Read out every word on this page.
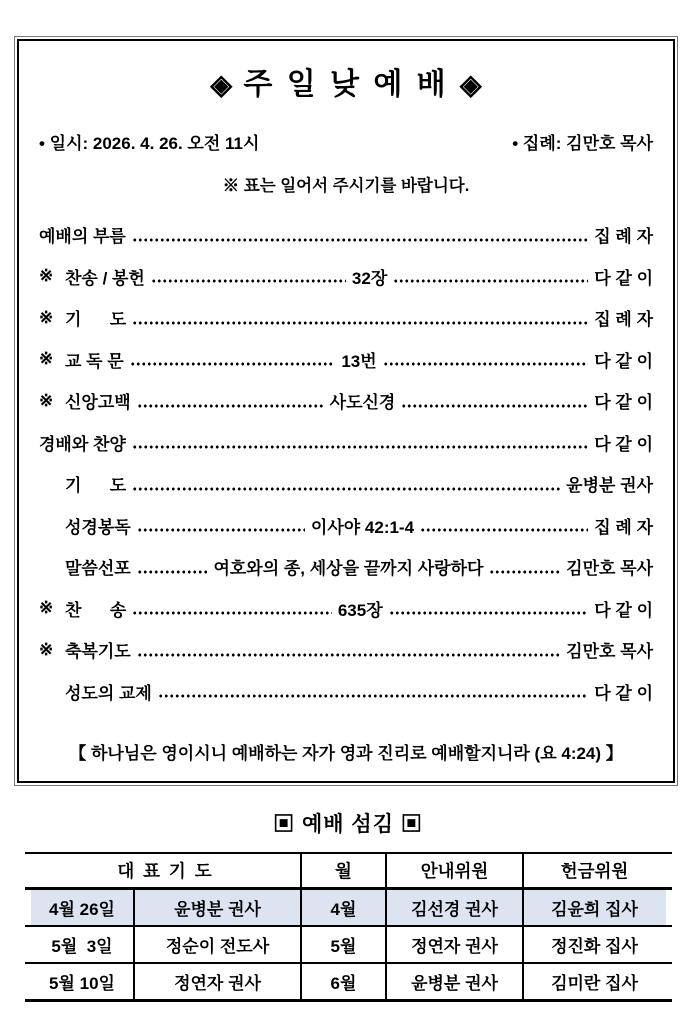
◈ 주 일 낮 예 배 ◈
• 일시: 2026. 4. 26. 오전 11시	• 집례: 김만호 목사
※ 표는 일어서 주시기를 바랍니다.
예배의 부름	집 례 자
※ 찬송 / 봉헌	32장	다 같 이
※ 기      도	집 례 자
※ 교 독 문	13번	다 같 이
※ 신앙고백	사도신경	다 같 이
경배와 찬양	다 같 이
기      도	윤병분 권사
성경봉독	이사야 42:1-4	집 례 자
말씀선포	여호와의 종, 세상을 끝까지 사랑하다	김만호 목사
※ 찬      송	635장	다 같 이
※ 축복기도	김만호 목사
성도의 교제	다 같 이
【 하나님은 영이시니 예배하는 자가 영과 진리로 예배할지니라 (요 4:24) 】
▣ 예배 섬김 ▣
대 표 기 도	월	안내위원	헌금위원
4월 26일	윤병분 권사	4월	김선경 권사	김윤희 집사
5월  3일	정순이 전도사	5월	정연자 권사	정진화 집사
5월 10일	정연자 권사	6월	윤병분 권사	김미란 집사
